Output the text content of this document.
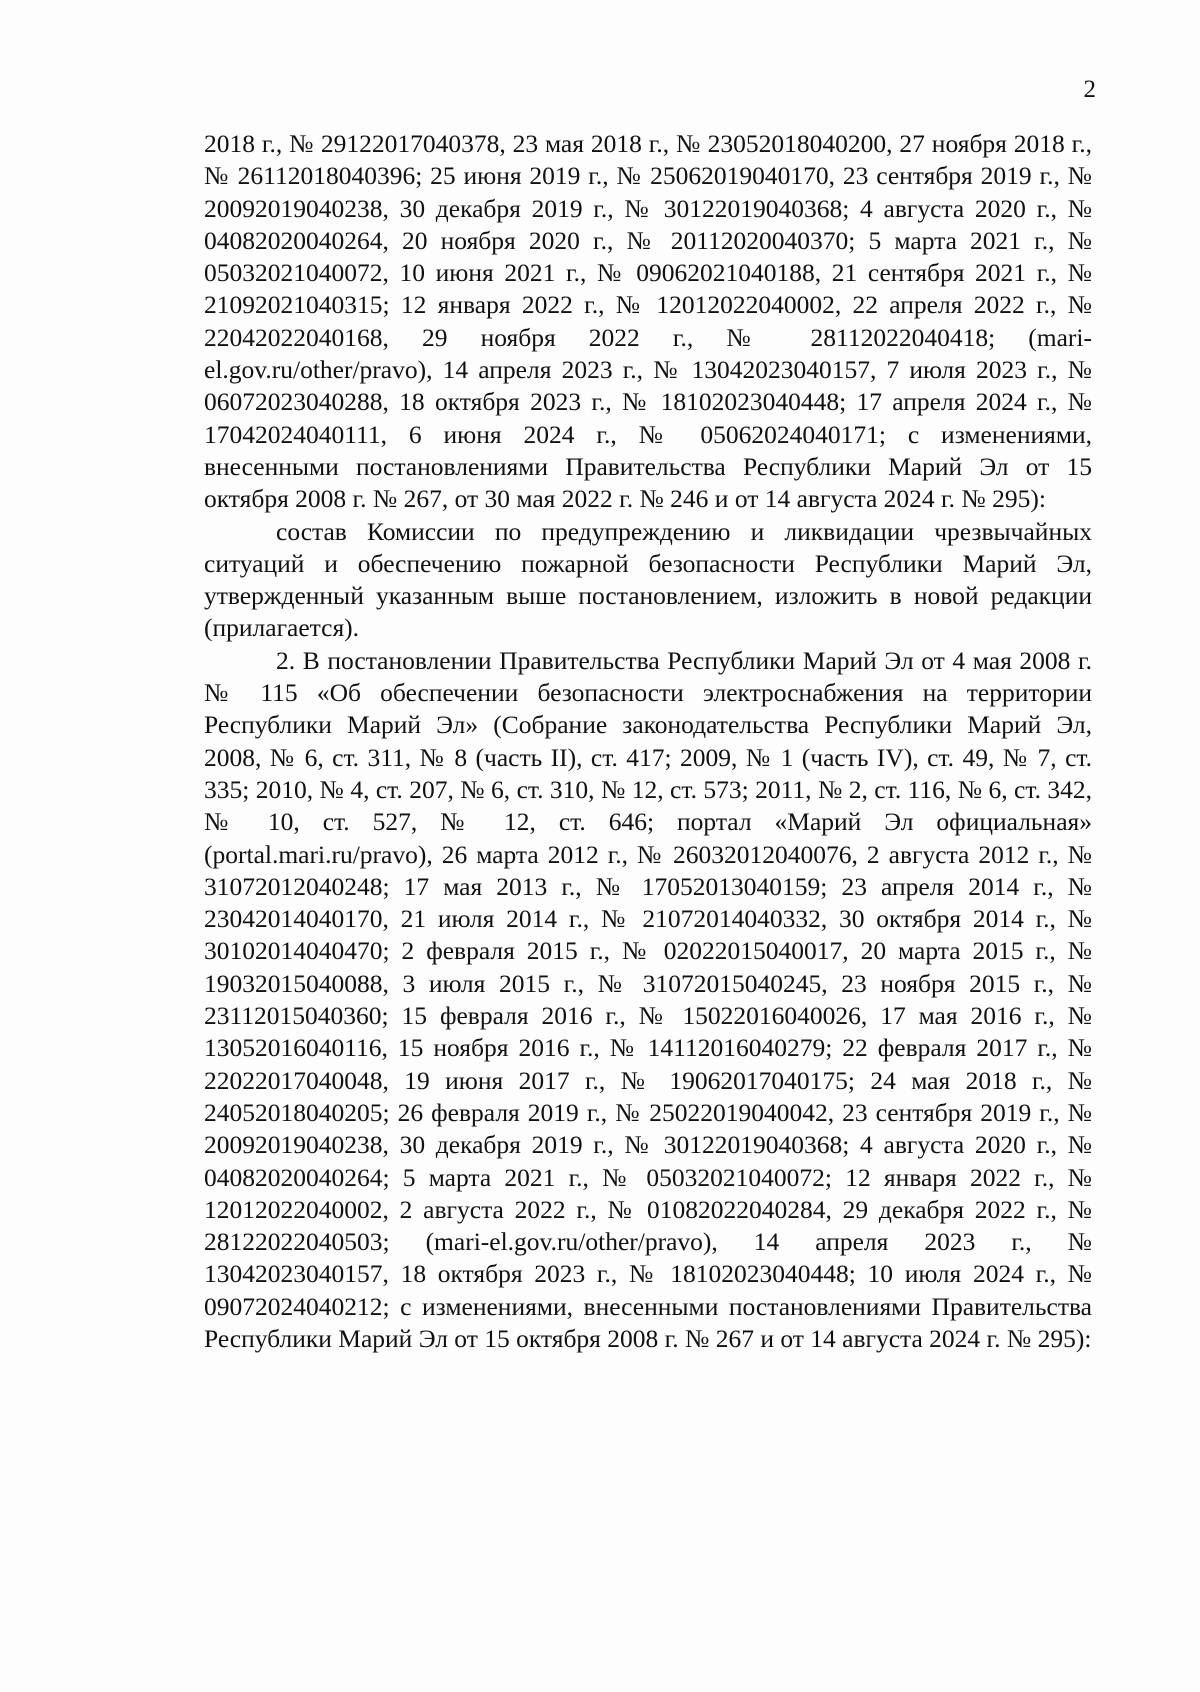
2

2018 г., № 29122017040378, 23 мая 2018 г., № 23052018040200, 27 ноября 2018 г., № 26112018040396; 25 июня 2019 г., № 25062019040170, 23 сентября 2019 г., № 20092019040238, 30 декабря 2019 г., № 30122019040368; 4 августа 2020 г., № 04082020040264, 20 ноября 2020 г., № 20112020040370; 5 марта 2021 г., № 05032021040072, 10 июня 2021 г., № 09062021040188, 21 сентября 2021 г., № 21092021040315; 12 января 2022 г., № 12012022040002, 22 апреля 2022 г., № 22042022040168, 29 ноября 2022 г., № 28112022040418; (mari-el.gov.ru/other/pravo), 14 апреля 2023 г., № 13042023040157, 7 июля 2023 г., № 06072023040288, 18 октября 2023 г., № 18102023040448; 17 апреля 2024 г., № 17042024040111, 6 июня 2024 г., № 05062024040171; с изменениями, внесенными постановлениями Правительства Республики Марий Эл от 15 октября 2008 г. № 267, от 30 мая 2022 г. № 246 и от 14 августа 2024 г. № 295):

состав Комиссии по предупреждению и ликвидации чрезвычайных ситуаций и обеспечению пожарной безопасности Республики Марий Эл, утвержденный указанным выше постановлением, изложить в новой редакции (прилагается).

2. В постановлении Правительства Республики Марий Эл от 4 мая 2008 г. № 115 «Об обеспечении безопасности электроснабжения на территории Республики Марий Эл» (Собрание законодательства Республики Марий Эл, 2008, № 6, ст. 311, № 8 (часть II), ст. 417; 2009, № 1 (часть IV), ст. 49, № 7, ст. 335; 2010, № 4, ст. 207, № 6, ст. 310, № 12, ст. 573; 2011, № 2, ст. 116, № 6, ст. 342, № 10, ст. 527, № 12, ст. 646; портал «Марий Эл официальная» (portal.mari.ru/pravo), 26 марта 2012 г., № 26032012040076, 2 августа 2012 г., № 31072012040248; 17 мая 2013 г., № 17052013040159; 23 апреля 2014 г., № 23042014040170, 21 июля 2014 г., № 21072014040332, 30 октября 2014 г., № 30102014040470; 2 февраля 2015 г., № 02022015040017, 20 марта 2015 г., № 19032015040088, 3 июля 2015 г., № 31072015040245, 23 ноября 2015 г., № 23112015040360; 15 февраля 2016 г., № 15022016040026, 17 мая 2016 г., № 13052016040116, 15 ноября 2016 г., № 14112016040279; 22 февраля 2017 г., № 22022017040048, 19 июня 2017 г., № 19062017040175; 24 мая 2018 г., № 24052018040205; 26 февраля 2019 г., № 25022019040042, 23 сентября 2019 г., № 20092019040238, 30 декабря 2019 г., № 30122019040368; 4 августа 2020 г., № 04082020040264; 5 марта 2021 г., № 05032021040072; 12 января 2022 г., № 12012022040002, 2 августа 2022 г., № 01082022040284, 29 декабря 2022 г., № 28122022040503; (mari-el.gov.ru/other/pravo), 14 апреля 2023 г., № 13042023040157, 18 октября 2023 г., № 18102023040448; 10 июля 2024 г., № 09072024040212; с изменениями, внесенными постановлениями Правительства Республики Марий Эл от 15 октября 2008 г. № 267 и от 14 августа 2024 г. № 295):
